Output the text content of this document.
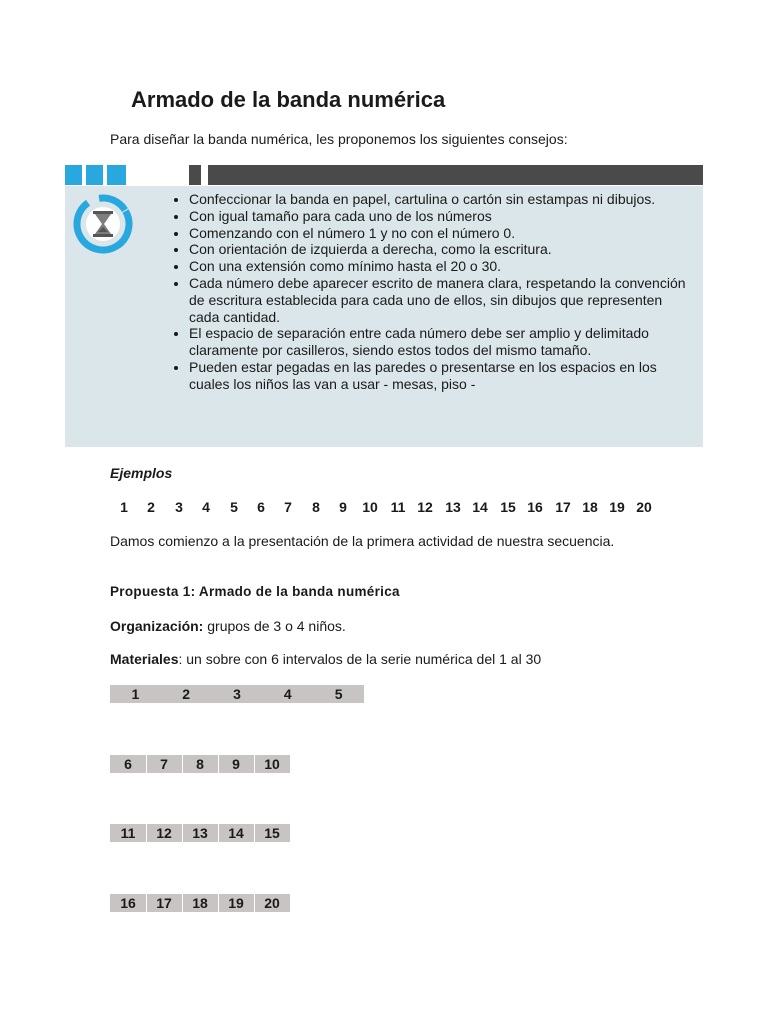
Armado de la banda numérica
Para diseñar la banda numérica, les proponemos los siguientes consejos:
• Confeccionar la banda en papel, cartulina o cartón sin estampas ni dibujos.
• Con igual tamaño para cada uno de los números
• Comenzando con el número 1 y no con el número 0.
• Con orientación de izquierda a derecha, como la escritura.
• Con una extensión como mínimo hasta el 20 o 30.
• Cada número debe aparecer escrito de manera clara, respetando la convención de escritura establecida para cada uno de ellos, sin dibujos que representen cada cantidad.
• El espacio de separación entre cada número debe ser amplio y delimitado claramente por casilleros, siendo estos todos del mismo tamaño.
• Pueden estar pegadas en las paredes o presentarse en los espacios en los cuales los niños las van a usar - mesas, piso -
Ejemplos
1	2	3	4	5	6	7	8	9	10 11 12 13 14 15 16 17 18 19 20
Damos comienzo a la presentación de la primera actividad de nuestra secuencia.
Propuesta 1: Armado de la banda numérica
Organización: grupos de 3 o 4 niños.
Materiales: un sobre con 6 intervalos de la serie numérica del 1 al 30
1	2	3	4	5
6	7	8	9	10
11	12	13	14	15
16	17	18	19	20
